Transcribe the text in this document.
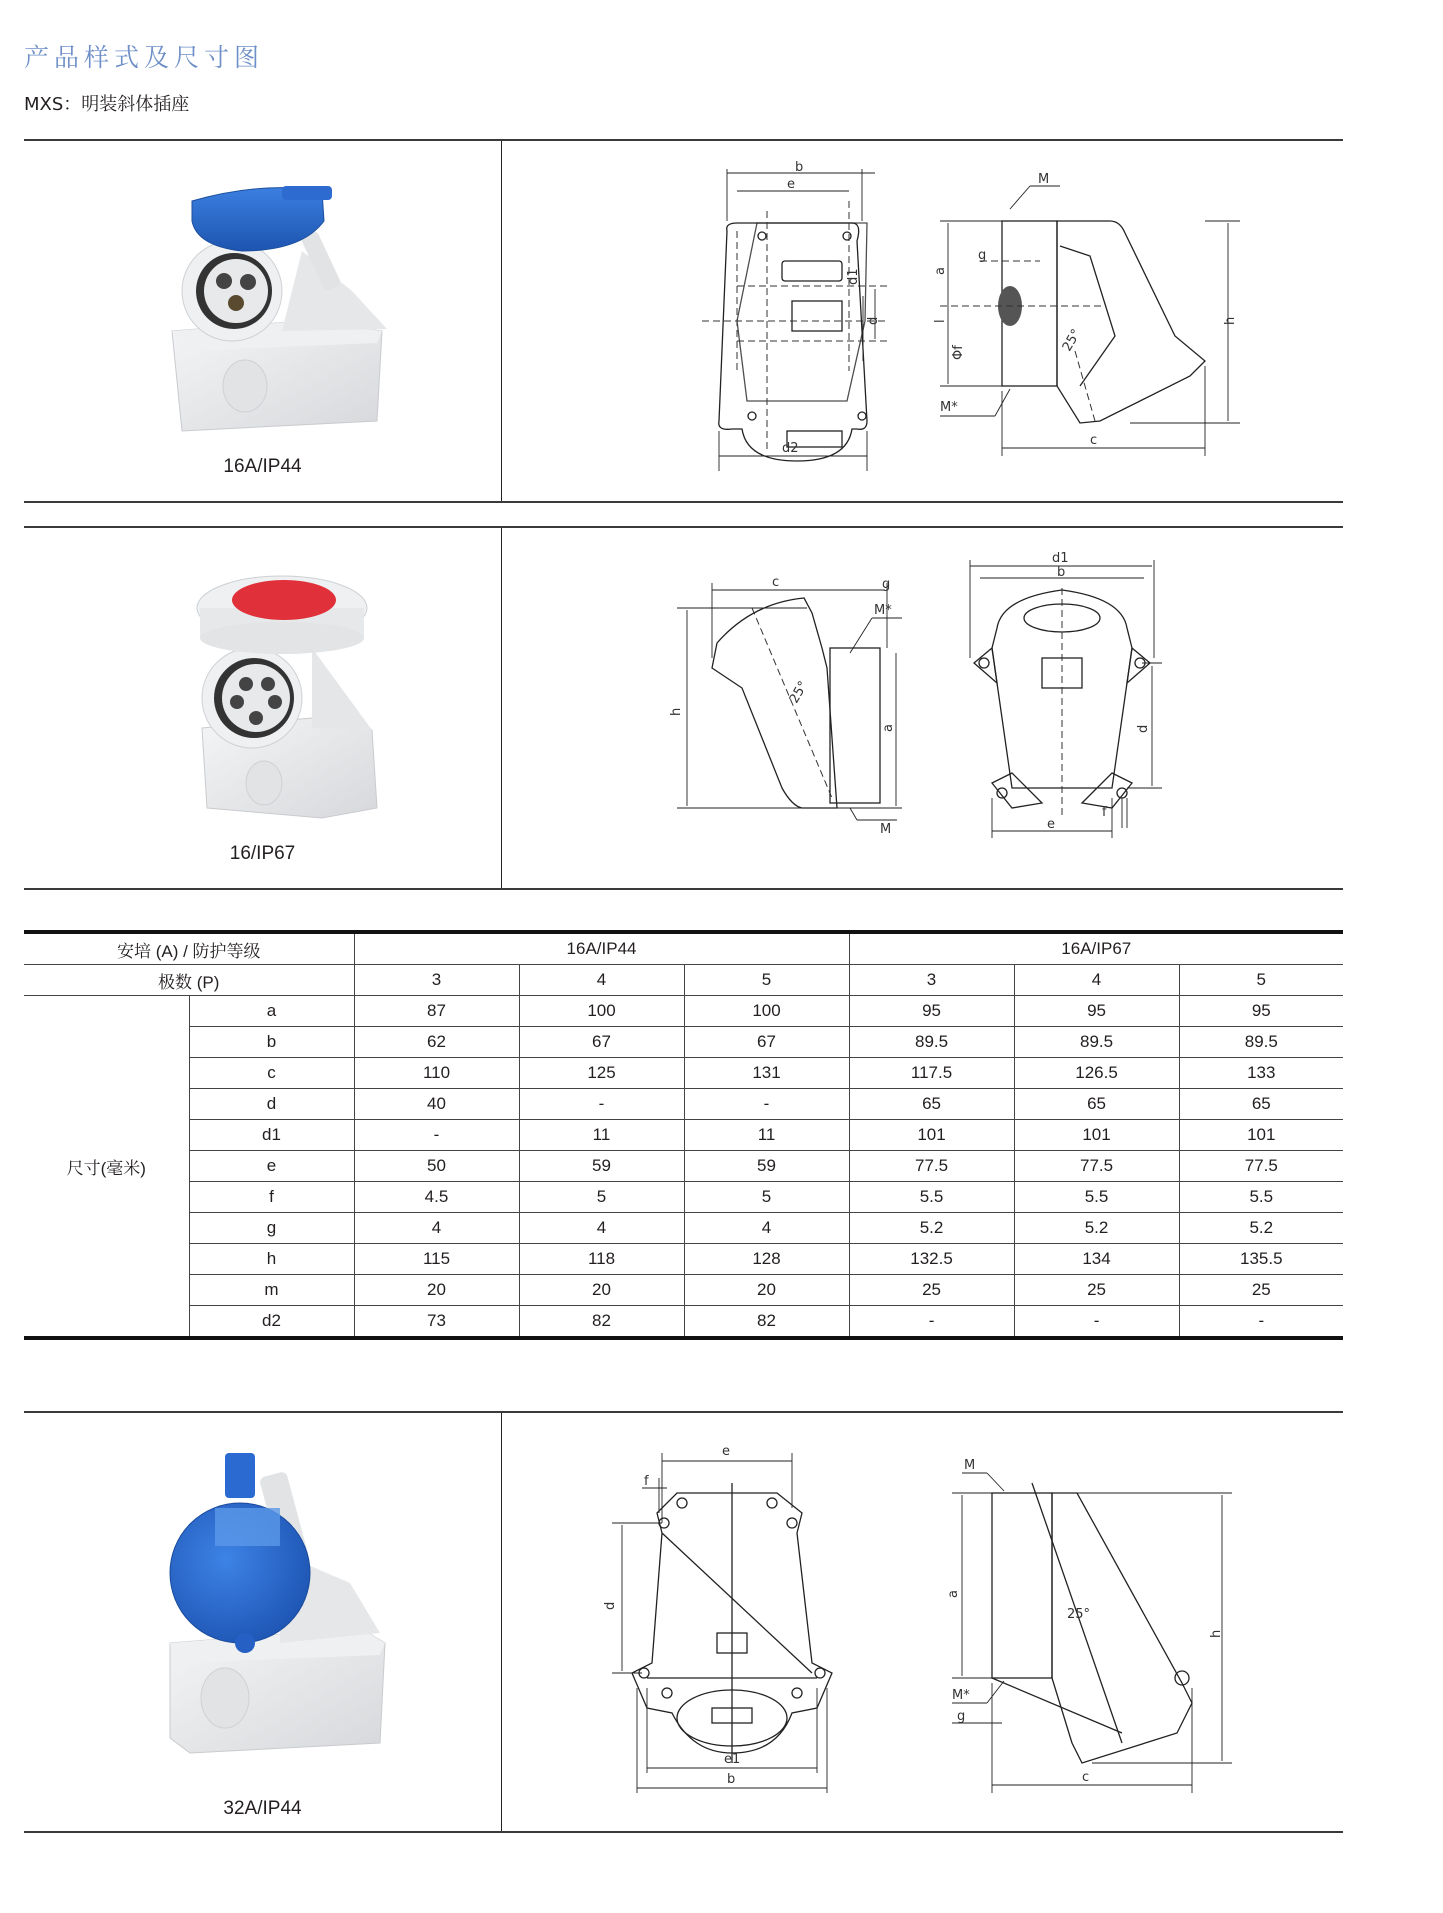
产品样式及尺寸图
MXS：明装斜体插座
16A/IP44
b
e
d1
d
d2
M
g
a
l
Φf	25°
h
M*
c
16/IP67
c	g
M*
h
25°
a
M
d1
b
d
f
e
安培 (A) / 防护等级		16A/IP44			16A/IP67		
极数 (P)		3	4	5	3	4	5
尺寸(毫米)	a	87	100	100	95	95	95
	b	62	67	67	89.5	89.5	89.5
	c	110	125	131	117.5	126.5	133
	d	40	-	-	65	65	65
	d1	-	11	11	101	101	101
	e	50	59	59	77.5	77.5	77.5
	f	4.5	5	5	5.5	5.5	5.5
	g	4	4	4	5.2	5.2	5.2
	h	115	118	128	132.5	134	135.5
	m	20	20	20	25	25	25
	d2	73	82	82	-	-	-
32A/IP44
e
f
d
e1
b
M
a
25°
h
M*
g
c
